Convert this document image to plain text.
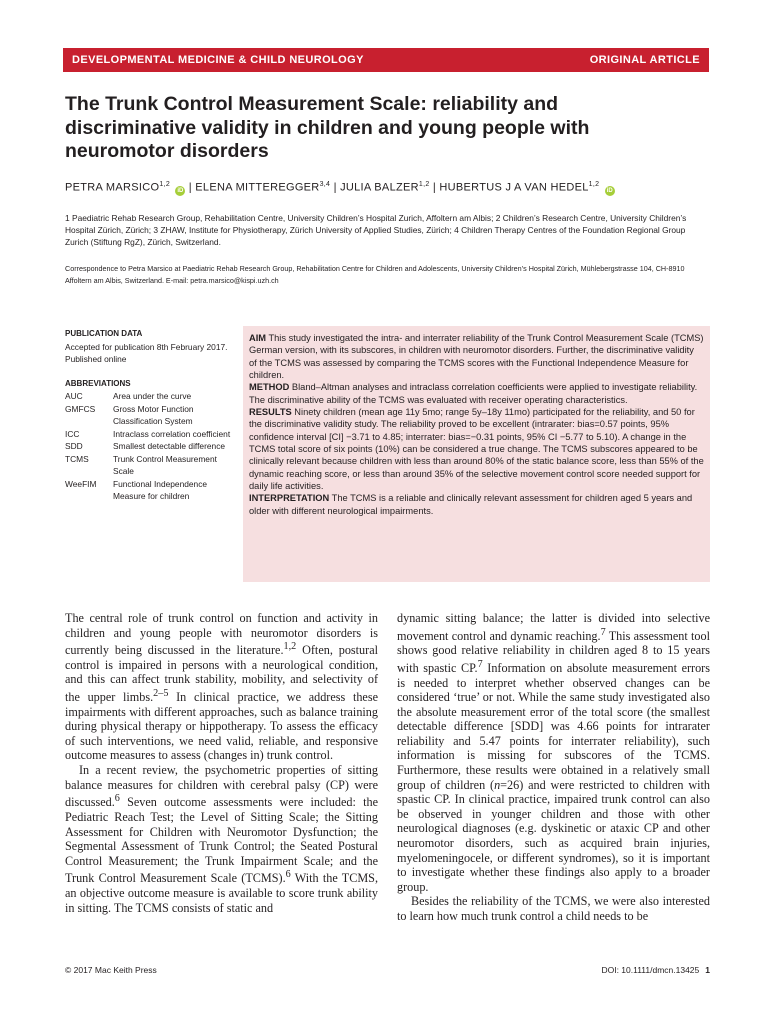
DEVELOPMENTAL MEDICINE & CHILD NEUROLOGY	ORIGINAL ARTICLE
The Trunk Control Measurement Scale: reliability and discriminative validity in children and young people with neuromotor disorders
PETRA MARSICO$^{1,2}$ iD | ELENA MITTEREGGER$^{3,4}$ | JULIA BALZER$^{1,2}$ | HUBERTUS J A VAN HEDEL$^{1,2}$ iD
1 Paediatric Rehab Research Group, Rehabilitation Centre, University Children’s Hospital Zurich, Affoltern am Albis; 2 Children’s Research Centre, University Children’s Hospital Zürich, Zürich; 3 ZHAW, Institute for Physiotherapy, Zürich University of Applied Studies, Zürich; 4 Children Therapy Centres of the Foundation Regional Group Zurich (Stiftung RgZ), Zürich, Switzerland.
Correspondence to Petra Marsico at Paediatric Rehab Research Group, Rehabilitation Centre for Children and Adolescents, University Children’s Hospital Zürich, Mühlebergstrasse 104, CH-8910 Affoltern am Albis, Switzerland. E-mail: petra.marsico@kispi.uzh.ch
PUBLICATION DATA
Accepted for publication 8th February 2017.
Published online
ABBREVIATIONS
AUC	Area under the curve
GMFCS	Gross Motor Function Classification System
ICC	Intraclass correlation coefficient
SDD	Smallest detectable difference
TCMS	Trunk Control Measurement Scale
WeeFIM	Functional Independence Measure for children

AIM This study investigated the intra- and interrater reliability of the Trunk Control Measurement Scale (TCMS) German version, with its subscores, in children with neuromotor disorders. Further, the discriminative validity of the TCMS was assessed by comparing the TCMS scores with the Functional Independence Measure for children.

METHOD Bland–Altman analyses and intraclass correlation coefficients were applied to investigate reliability. The discriminative ability of the TCMS was evaluated with receiver operating characteristics.

RESULTS Ninety children (mean age 11y 5mo; range 5y–18y 11mo) participated for the reliability, and 50 for the discriminative validity study. The reliability proved to be excellent (intrarater: bias=0.57 points, 95% confidence interval [CI] −3.71 to 4.85; interrater: bias=−0.31 points, 95% CI −5.77 to 5.10). A change in the TCMS total score of six points (10%) can be considered a true change. The TCMS subscores appeared to be clinically relevant because children with less than around 80% of the static balance score, less than 55% of the dynamic reaching score, or less than around 35% of the selective movement control score needed support for daily life activities.

INTERPRETATION The TCMS is a reliable and clinically relevant assessment for children aged 5 years and older with different neurological impairments.

The central role of trunk control on function and activity in children and young people with neuromotor disorders is currently being discussed in the literature.$^{1,2}$ Often, postural control is impaired in persons with a neurological condition, and this can affect trunk stability, mobility, and selectivity of the upper limbs.$^{2-5}$ In clinical practice, we address these impairments with different approaches, such as balance training during physical therapy or hippotherapy. To assess the efficacy of such interventions, we need valid, reliable, and responsive outcome measures to assess (changes in) trunk control.

In a recent review, the psychometric properties of sitting balance measures for children with cerebral palsy (CP) were discussed.$^6$ Seven outcome assessments were included: the Pediatric Reach Test; the Level of Sitting Scale; the Sitting Assessment for Children with Neuromotor Dysfunction; the Segmental Assessment of Trunk Control; the Seated Postural Control Measurement; the Trunk Impairment Scale; and the Trunk Control Measurement Scale (TCMS).$^6$ With the TCMS, an objective outcome measure is available to score trunk ability in sitting. The TCMS consists of static and

dynamic sitting balance; the latter is divided into selective movement control and dynamic reaching.$^7$ This assessment tool shows good relative reliability in children aged 8 to 15 years with spastic CP.$^7$ Information on absolute measurement errors is needed to interpret whether observed changes can be considered ‘true’ or not. While the same study investigated also the absolute measurement error of the total score (the smallest detectable difference [SDD] was 4.66 points for intrarater reliability and 5.47 points for interrater reliability), such information is missing for subscores of the TCMS. Furthermore, these results were obtained in a relatively small group of children (n=26) and were restricted to children with spastic CP. In clinical practice, impaired trunk control can also be observed in younger children and those with other neurological diagnoses (e.g. dyskinetic or ataxic CP and other neuromotor disorders, such as acquired brain injuries, myelomeningocele, or different syndromes), so it is important to investigate whether these findings also apply to a broader group.

Besides the reliability of the TCMS, we were also interested to learn how much trunk control a child needs to be

© 2017 Mac Keith Press	DOI: 10.1111/dmcn.13425 1
